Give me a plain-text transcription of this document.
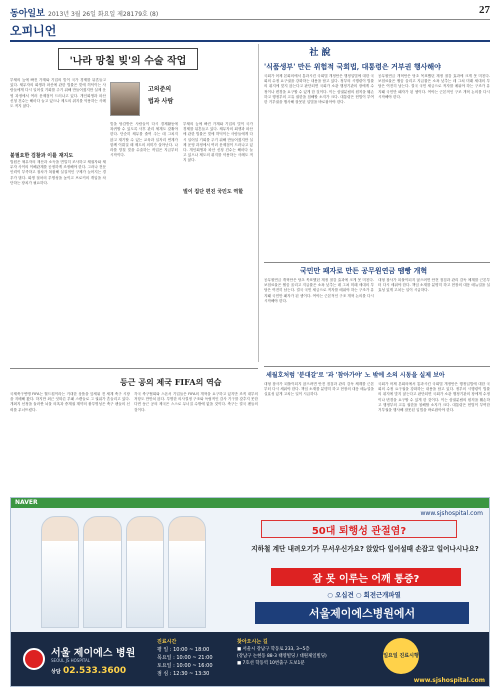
동아일보 2013년 3월 26일 화요일 제28179호 (8)	27
오피니언
'나라 망칠 빚'의 수술 작업
고의준의
법과 사람
부채의 늪에 빠진 가계와 기업의 빚이 국가 경제를 뒤흔들고 있다. 채무자의 회생과 파산에 관한 법률은 빚에 허덕이는 사람들에게 다시 일어설 기회를 주기 위해 만들어졌지만 실제 운영 과정에서 여러 문제점이 드러나고 있다. 개인회생과 파산 신청 건수는 해마다 늘고 있으나 제도의 취지를 악용하는 사례도 적지 않다.
불필요한 검찰과 이를 재지도
법원은 채무자의 재산과 소득을 면밀히 조사하고 채권자와 채무자 사이의 이해관계를 공정하게 조정해야 한다. 그러나 전문 인력이 부족하고 절차가 복잡해 실질적인 구제가 늦어지는 경우가 많다. 회생 절차의 투명성을 높이고 브로커의 개입을 차단하는 장치가 필요하다.
빚을 탕감받은 사람들이 다시 경제활동에 복귀할 수 있도록 사후 관리 체계도 갖춰야 한다. 단순히 채무를 줄여 주는 데 그치지 않고 재기할 수 있는 교육과 일자리 연계가 함께 이뤄질 때 제도의 의미가 살아난다. 나라를 망칠 빚을 수술하는 작업은 지금부터 시작이다.
벌이 집단 편진 국민도 역할
부채의 늪에 빠진 가계와 기업의 빚이 국가 경제를 뒤흔들고 있다. 채무자의 회생과 파산에 관한 법률은 빚에 허덕이는 사람들에게 다시 일어설 기회를 주기 위해 만들어졌지만 실제 운영 과정에서 여러 문제점이 드러나고 있다. 개인회생과 파산 신청 건수는 해마다 늘고 있으나 제도의 취지를 악용하는 사례도 적지 않다.
社 說
'식품생부' 만든 위험적 국회법, 대통령은 거부권 행사해야
국회가 어제 본회의에서 통과시킨 국회법 개정안은 행정입법에 대한 국회의 수정 요구권을 강화하는 내용을 담고 있다. 정부의 시행령이 법률의 취지에 맞지 않는다고 판단되면 국회가 소관 행정기관의 장에게 수정이나 변경을 요구할 수 있게 한 것이다. 이는 삼권분립의 원칙을 훼손하고 행정부의 고유 권한을 침해할 소지가 크다. 대통령은 헌법이 부여한 거부권을 행사해 잘못된 입법을 바로잡아야 한다.
공무원연금 개혁안은 당초 목표했던 재정 절감 효과에 크게 못 미친다. 보험료율은 찔끔 올리고 지급률은 소폭 낮추는 데 그쳐 미래 세대의 부담은 여전히 남는다. 결국 국민 세금으로 적자를 메워야 하는 구조가 유지돼 국민만 패자가 된 셈이다. 여야는 근본적인 구조 개혁 논의를 다시 시작해야 한다.
국민만 패자로 만든 공무원연금 땜빵 개혁
공무원연금 개혁안은 당초 목표했던 재정 절감 효과에 크게 못 미친다. 보험료율은 찔끔 올리고 지급률은 소폭 낮추는 데 그쳐 미래 세대의 부담은 여전히 남는다. 결국 국민 세금으로 적자를 메워야 하는 구조가 유지돼 국민만 패자가 된 셈이다. 여야는 근본적인 구조 개혁 논의를 다시 시작해야 한다.
대형 참사가 되풀이되지 않으려면 안전 점검과 관리 감독 체계를 근본부터 다시 세워야 한다. 책임 소재를 분명히 하고 현장의 대응 매뉴얼을 실효성 있게 고치는 일이 시급하다.
세월호처럼 '분대갈'로 '과 '참아가야' 노 밖에 소의 시동을 실제 보아
대형 참사가 되풀이되지 않으려면 안전 점검과 관리 감독 체계를 근본부터 다시 세워야 한다. 책임 소재를 분명히 하고 현장의 대응 매뉴얼을 실효성 있게 고치는 일이 시급하다.
국회가 어제 본회의에서 통과시킨 국회법 개정안은 행정입법에 대한 국회의 수정 요구권을 강화하는 내용을 담고 있다. 정부의 시행령이 법률의 취지에 맞지 않는다고 판단되면 국회가 소관 행정기관의 장에게 수정이나 변경을 요구할 수 있게 한 것이다. 이는 삼권분립의 원칙을 훼손하고 행정부의 고유 권한을 침해할 소지가 크다. 대통령은 헌법이 부여한 거부권을 행사해 잘못된 입법을 바로잡아야 한다.
등근 공의 제국 FIFA의 역습
국제축구연맹 FIFA는 월드컵이라는 거대한 상품을 앞세워 전 세계 축구 시장을 지배해 왔다. 하지만 최근 잇따른 부패 스캔들로 그 권위가 흔들리고 있다. 개최지 선정을 둘러싼 뇌물 의혹과 중계권 계약의 불투명성은 축구 팬들의 신뢰를 무너뜨렸다.
각국 축구협회와 스폰서 기업들은 FIFA의 개혁을 요구하고 있지만 조직 내부의 저항도 만만치 않다. 투명한 의사결정 구조와 독립적인 감사 기구를 갖추지 못한다면 둥근 공의 제국은 스스로 무너질 수밖에 없을 것이다. 축구는 결국 팬들의 것이다.
NAVER
www.sjshospital.com
50대 퇴행성 관절염?
지하철 계단 내려오기가 무서우신가요? 앉았다 일어설때 손잡고 일어나시나요?
잠 못 이루는 어깨 통증?
○ 오십견 ○ 회전근개파열
서울제이에스병원에서
서울 제이에스 병원
SEOUL JS HOSPITAL
상담 02.533.3600
진료시간
평 일 : 10:00 ~ 18:00
목요일 : 10:00 ~ 21:00
토요일 : 10:00 ~ 16:00
점 심 : 12:30 ~ 13:30
찾아오시는 길
■ 서울시 강남구 학동로 233, 3~5층
(강남구 논현동 88-3 태영빌딩 / 대원제일빌딩)
■ 7호선 학동역 10번출구 도보1분
일요일 진료시행
www.sjshospital.com
